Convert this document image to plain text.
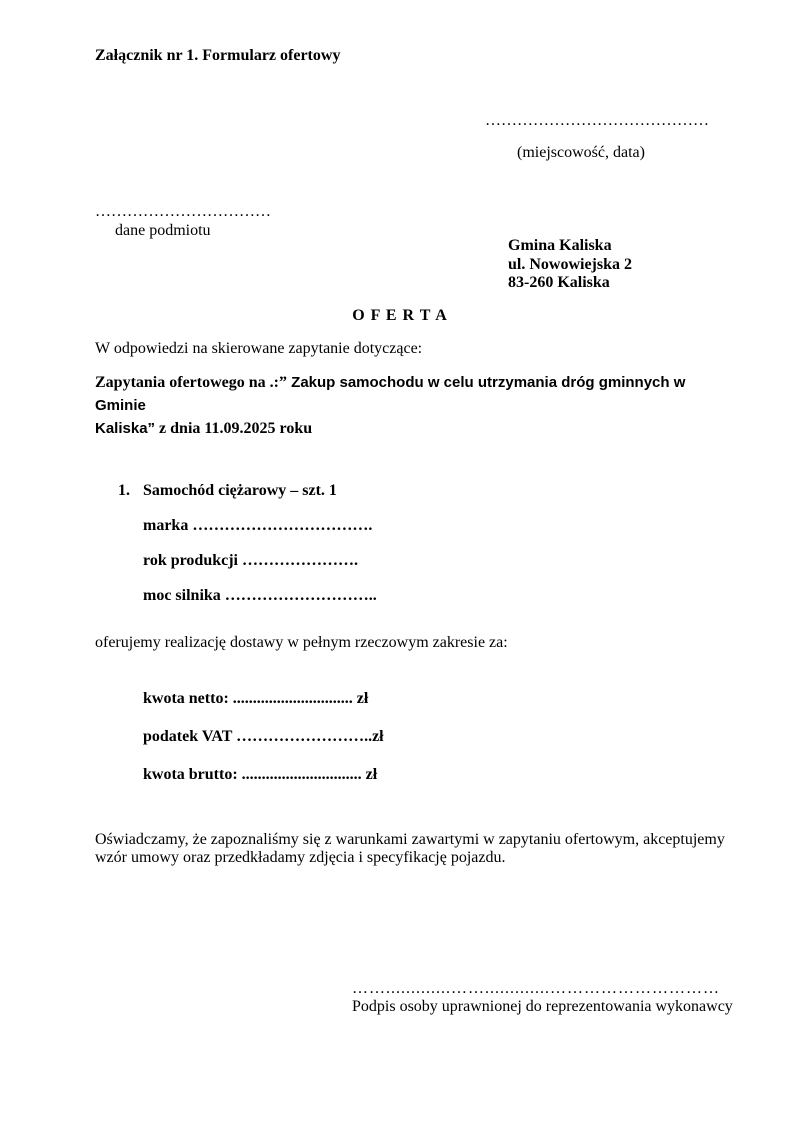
Załącznik nr 1. Formularz ofertowy
……………………………………
(miejscowość, data)
……………………………
dane podmiotu
Gmina Kaliska
ul. Nowowiejska 2
83-260 Kaliska
O F E R T A
W odpowiedzi na skierowane zapytanie dotyczące:
Zapytania ofertowego na .:” Zakup samochodu w celu utrzymania dróg gminnych w Gminie
Kaliska” z dnia 11.09.2025 roku
1. Samochód ciężarowy – szt. 1
marka …………………………….
rok produkcji ………………….
moc silnika ………………………..
oferujemy realizację dostawy w pełnym rzeczowym zakresie za:
kwota netto: .............................. zł
podatek VAT ……………………..zł
kwota brutto: .............................. zł
Oświadczamy, że zapoznaliśmy się z warunkami zawartymi w zapytaniu ofertowym, akceptujemy wzór umowy oraz przedkładamy zdjęcia i specyfikację pojazdu.
…….............…….............…………………………
Podpis osoby uprawnionej do reprezentowania wykonawcy
